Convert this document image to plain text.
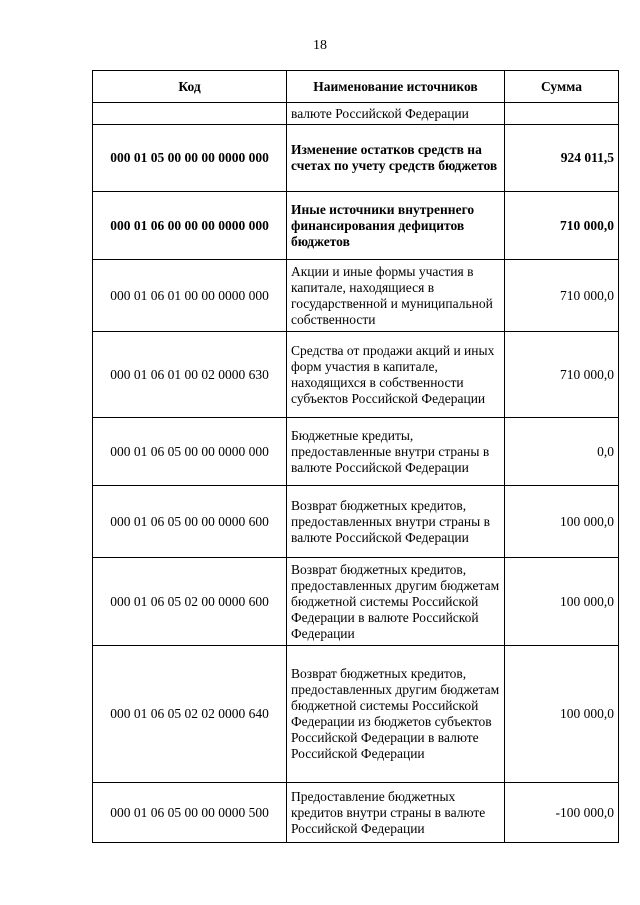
18
Код	Наименование источников	Сумма
	валюте Российской Федерации	
000 01 05 00 00 00 0000 000	Изменение остатков средств на счетах по учету средств бюджетов	924 011,5
000 01 06 00 00 00 0000 000	Иные источники внутреннего финансирования дефицитов бюджетов	710 000,0
000 01 06 01 00 00 0000 000	Акции и иные формы участия в капитале, находящиеся в государственной и муниципальной собственности	710 000,0
000 01 06 01 00 02 0000 630	Средства от продажи акций и иных форм участия в капитале, находящихся в собственности субъектов Российской Федерации	710 000,0
000 01 06 05 00 00 0000 000	Бюджетные кредиты, предоставленные внутри страны в валюте Российской Федерации	0,0
000 01 06 05 00 00 0000 600	Возврат бюджетных кредитов, предоставленных внутри страны в валюте Российской Федерации	100 000,0
000 01 06 05 02 00 0000 600	Возврат бюджетных кредитов, предоставленных другим бюджетам бюджетной системы Российской Федерации в валюте Российской Федерации	100 000,0
000 01 06 05 02 02 0000 640	Возврат бюджетных кредитов, предоставленных другим бюджетам бюджетной системы Российской Федерации из бюджетов субъектов Российской Федерации в валюте Российской Федерации	100 000,0
000 01 06 05 00 00 0000 500	Предоставление бюджетных кредитов внутри страны в валюте Российской Федерации	-100 000,0
